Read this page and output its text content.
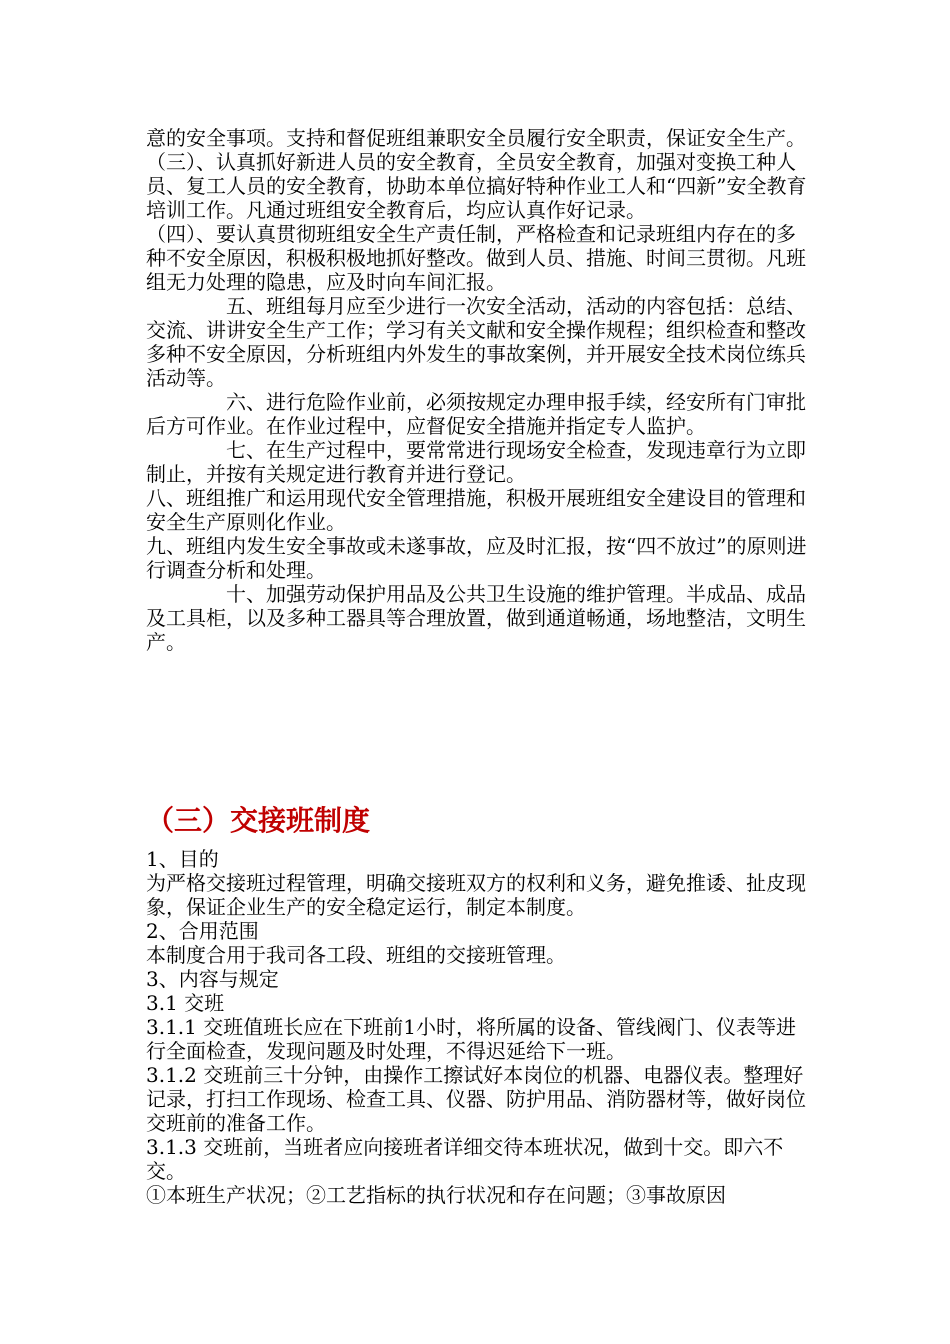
意的安全事项。支持和督促班组兼职安全员履行安全职责，保证安全生产。

（三）、认真抓好新进人员的安全教育，全员安全教育，加强对变换工种人员、复工人员的安全教育，协助本单位搞好特种作业工人和“四新”安全教育培训工作。凡通过班组安全教育后，均应认真作好记录。

（四）、要认真贯彻班组安全生产责任制，严格检查和记录班组内存在的多种不安全原因，积极积极地抓好整改。做到人员、措施、时间三贯彻。凡班组无力处理的隐患，应及时向车间汇报。

五、班组每月应至少进行一次安全活动，活动的内容包括：总结、交流、讲讲安全生产工作；学习有关文献和安全操作规程；组织检查和整改多种不安全原因，分析班组内外发生的事故案例，并开展安全技术岗位练兵活动等。

六、进行危险作业前，必须按规定办理申报手续，经安所有门审批后方可作业。在作业过程中，应督促安全措施并指定专人监护。

七、在生产过程中，要常常进行现场安全检查，发现违章行为立即制止，并按有关规定进行教育并进行登记。

八、班组推广和运用现代安全管理措施，积极开展班组安全建设目的管理和安全生产原则化作业。

九、班组内发生安全事故或未遂事故，应及时汇报，按“四不放过”的原则进行调查分析和处理。

十、加强劳动保护用品及公共卫生设施的维护管理。半成品、成品及工具柜，以及多种工器具等合理放置，做到通道畅通，场地整洁，文明生产。

（三）交接班制度

1、目的

为严格交接班过程管理，明确交接班双方的权利和义务，避免推诿、扯皮现象，保证企业生产的安全稳定运行，制定本制度。

2、合用范围

本制度合用于我司各工段、班组的交接班管理。

3、内容与规定

3.1 交班

3.1.1 交班值班长应在下班前1小时，将所属的设备、管线阀门、仪表等进行全面检查，发现问题及时处理，不得迟延给下一班。

3.1.2 交班前三十分钟，由操作工擦试好本岗位的机器、电器仪表。整理好记录，打扫工作现场、检查工具、仪器、防护用品、消防器材等，做好岗位交班前的准备工作。

3.1.3 交班前，当班者应向接班者详细交待本班状况，做到十交。即六不交。

①本班生产状况；②工艺指标的执行状况和存在问题；③事故原因
